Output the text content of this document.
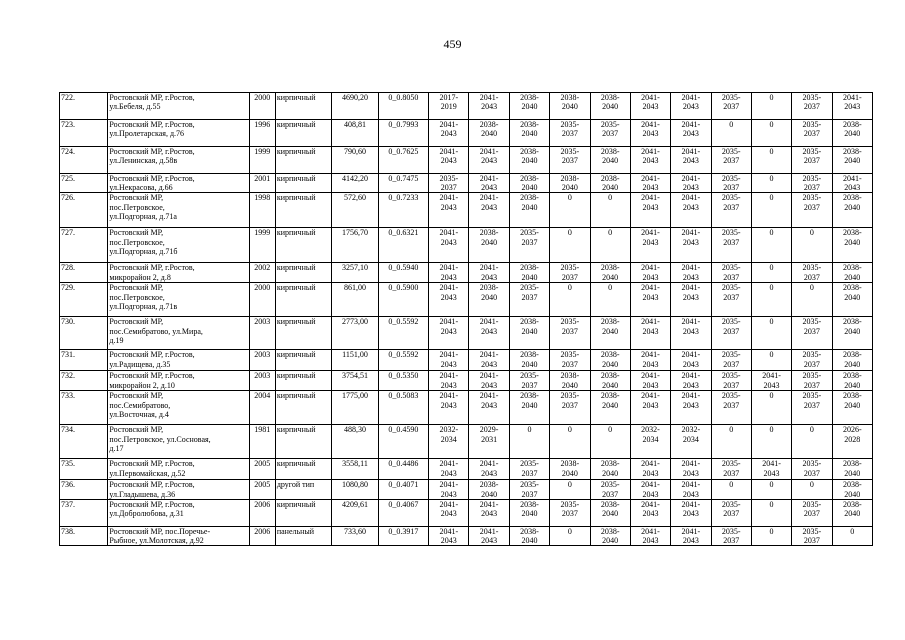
459
722.	Ростовский МР, г.Ростов,
ул.Бебеля, д.55	2000	кирпичный	4690,20	0_0.8050	2017-
2019	2041-
2043	2038-
2040	2038-
2040	2038-
2040	2041-
2043	2041-
2043	2035-
2037	0	2035-
2037	2041-
2043
723.	Ростовский МР, г.Ростов,
ул.Пролетарская, д.76	1996	кирпичный	408,81	0_0.7993	2041-
2043	2038-
2040	2038-
2040	2035-
2037	2035-
2037	2041-
2043	2041-
2043	0	0	2035-
2037	2038-
2040
724.	Ростовский МР, г.Ростов,
ул.Ленинская, д.58в	1999	кирпичный	790,60	0_0.7625	2041-
2043	2041-
2043	2038-
2040	2035-
2037	2038-
2040	2041-
2043	2041-
2043	2035-
2037	0	2035-
2037	2038-
2040
725.	Ростовский МР, г.Ростов,
ул.Некрасова, д.66	2001	кирпичный	4142,20	0_0.7475	2035-
2037	2041-
2043	2038-
2040	2038-
2040	2038-
2040	2041-
2043	2041-
2043	2035-
2037	0	2035-
2037	2041-
2043
726.	Ростовский МР,
пос.Петровское,
ул.Подгорная, д.71а	1998	кирпичный	572,60	0_0.7233	2041-
2043	2041-
2043	2038-
2040	0	0	2041-
2043	2041-
2043	2035-
2037	0	2035-
2037	2038-
2040
727.	Ростовский МР,
пос.Петровское,
ул.Подгорная, д.71б	1999	кирпичный	1756,70	0_0.6321	2041-
2043	2038-
2040	2035-
2037	0	0	2041-
2043	2041-
2043	2035-
2037	0	0	2038-
2040
728.	Ростовский МР, г.Ростов,
микрорайон 2, д.8	2002	кирпичный	3257,10	0_0.5940	2041-
2043	2041-
2043	2038-
2040	2035-
2037	2038-
2040	2041-
2043	2041-
2043	2035-
2037	0	2035-
2037	2038-
2040
729.	Ростовский МР,
пос.Петровское,
ул.Подгорная, д.71в	2000	кирпичный	861,00	0_0.5900	2041-
2043	2038-
2040	2035-
2037	0	0	2041-
2043	2041-
2043	2035-
2037	0	0	2038-
2040
730.	Ростовский МР,
пос.Семибратово, ул.Мира,
д.19	2003	кирпичный	2773,00	0_0.5592	2041-
2043	2041-
2043	2038-
2040	2035-
2037	2038-
2040	2041-
2043	2041-
2043	2035-
2037	0	2035-
2037	2038-
2040
731.	Ростовский МР, г.Ростов,
ул.Радищева, д.35	2003	кирпичный	1151,00	0_0.5592	2041-
2043	2041-
2043	2038-
2040	2035-
2037	2038-
2040	2041-
2043	2041-
2043	2035-
2037	0	2035-
2037	2038-
2040
732.	Ростовский МР, г.Ростов,
микрорайон 2, д.10	2003	кирпичный	3754,51	0_0.5350	2041-
2043	2041-
2043	2035-
2037	2038-
2040	2038-
2040	2041-
2043	2041-
2043	2035-
2037	2041-
2043	2035-
2037	2038-
2040
733.	Ростовский МР,
пос.Семибратово,
ул.Восточная, д.4	2004	кирпичный	1775,00	0_0.5083	2041-
2043	2041-
2043	2038-
2040	2035-
2037	2038-
2040	2041-
2043	2041-
2043	2035-
2037	0	2035-
2037	2038-
2040
734.	Ростовский МР,
пос.Петровское, ул.Сосновая,
д.17	1981	кирпичный	488,30	0_0.4590	2032-
2034	2029-
2031	0	0	0	2032-
2034	2032-
2034	0	0	0	2026-
2028
735.	Ростовский МР, г.Ростов,
ул.Первомайская, д.52	2005	кирпичный	3558,11	0_0.4486	2041-
2043	2041-
2043	2035-
2037	2038-
2040	2038-
2040	2041-
2043	2041-
2043	2035-
2037	2041-
2043	2035-
2037	2038-
2040
736.	Ростовский МР, г.Ростов,
ул.Гладышева, д.36	2005	другой тип	1080,80	0_0.4071	2041-
2043	2038-
2040	2035-
2037	0	2035-
2037	2041-
2043	2041-
2043	0	0	0	2038-
2040
737.	Ростовский МР, г.Ростов,
ул.Добролюбова, д.31	2006	кирпичный	4209,61	0_0.4067	2041-
2043	2041-
2043	2038-
2040	2035-
2037	2038-
2040	2041-
2043	2041-
2043	2035-
2037	0	2035-
2037	2038-
2040
738.	Ростовский МР, пос.Поречье-
Рыбное, ул.Молотская, д.92	2006	панельный	733,60	0_0.3917	2041-
2043	2041-
2043	2038-
2040	0	2038-
2040	2041-
2043	2041-
2043	2035-
2037	0	2035-
2037	0
